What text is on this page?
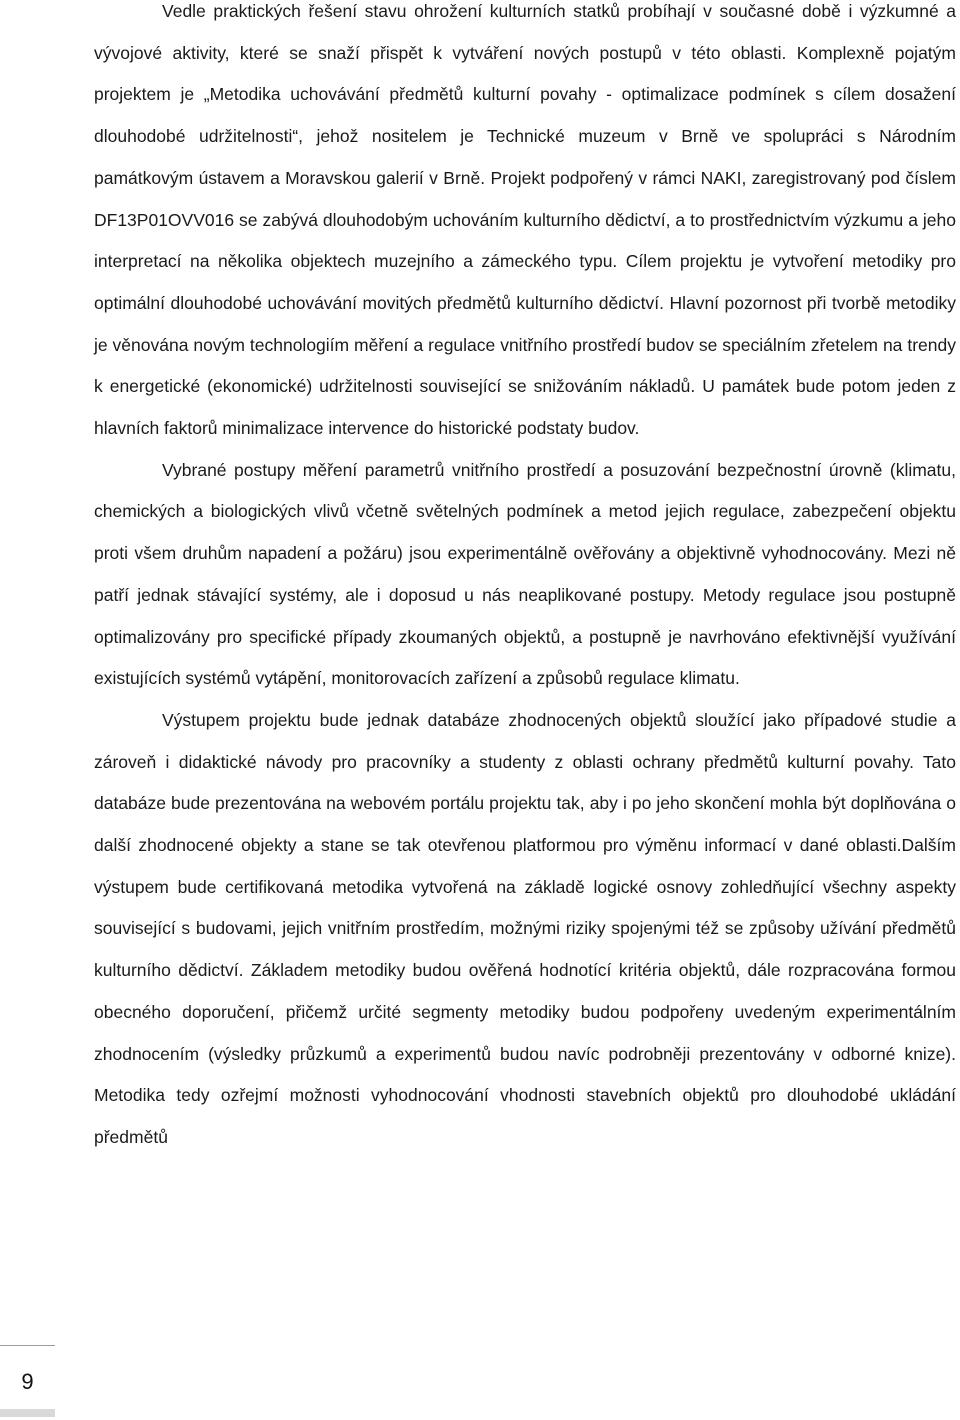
Vedle praktických řešení stavu ohrožení kulturních statků probíhají v současné době i výzkumné a vývojové aktivity, které se snaží přispět k vytváření nových postupů v této oblasti. Komplexně pojatým projektem je „Metodika uchovávání předmětů kulturní povahy - optimalizace podmínek s cílem dosažení dlouhodobé udržitelnosti“, jehož nositelem je Technické muzeum v Brně ve spolupráci s Národním památkovým ústavem a Moravskou galerií v Brně. Projekt podpořený v rámci NAKI, zaregistrovaný pod číslem DF13P01OVV016 se zabývá dlouhodobým uchováním kulturního dědictví, a to prostřednictvím výzkumu a jeho interpretací na několika objektech muzejního a zámeckého typu. Cílem projektu je vytvoření metodiky pro optimální dlouhodobé uchovávání movitých předmětů kulturního dědictví. Hlavní pozornost při tvorbě metodiky je věnována novým technologiím měření a regulace vnitřního prostředí budov se speciálním zřetelem na trendy k energetické (ekonomické) udržitelnosti související se snižováním nákladů. U památek bude potom jeden z hlavních faktorů minimalizace intervence do historické podstaty budov.

Vybrané postupy měření parametrů vnitřního prostředí a posuzování bezpečnostní úrovně (klimatu, chemických a biologických vlivů včetně světelných podmínek a metod jejich regulace, zabezpečení objektu proti všem druhům napadení a požáru) jsou experimentálně ověřovány a objektivně vyhodnocovány. Mezi ně patří jednak stávající systémy, ale i doposud u nás neaplikované postupy. Metody regulace jsou postupně optimalizovány pro specifické případy zkoumaných objektů, a postupně je navrhováno efektivnější využívání existujících systémů vytápění, monitorovacích zařízení a způsobů regulace klimatu.

Výstupem projektu bude jednak databáze zhodnocených objektů sloužící jako případové studie a zároveň i didaktické návody pro pracovníky a studenty z oblasti ochrany předmětů kulturní povahy. Tato databáze bude prezentována na webovém portálu projektu tak, aby i po jeho skončení mohla být doplňována o další zhodnocené objekty a stane se tak otevřenou platformou pro výměnu informací v dané oblasti.Dalším výstupem bude certifikovaná metodika vytvořená na základě logické osnovy zohledňující všechny aspekty související s budovami, jejich vnitřním prostředím, možnými riziky spojenými též se způsoby užívání předmětů kulturního dědictví. Základem metodiky budou ověřená hodnotící kritéria objektů, dále rozpracována formou obecného doporučení, přičemž určité segmenty metodiky budou podpořeny uvedeným experimentálním zhodnocením (výsledky průzkumů a experimentů budou navíc podrobněji prezentovány v odborné knize). Metodika tedy ozřejmí možnosti vyhodnocování vhodnosti stavebních objektů pro dlouhodobé ukládání předmětů

9
